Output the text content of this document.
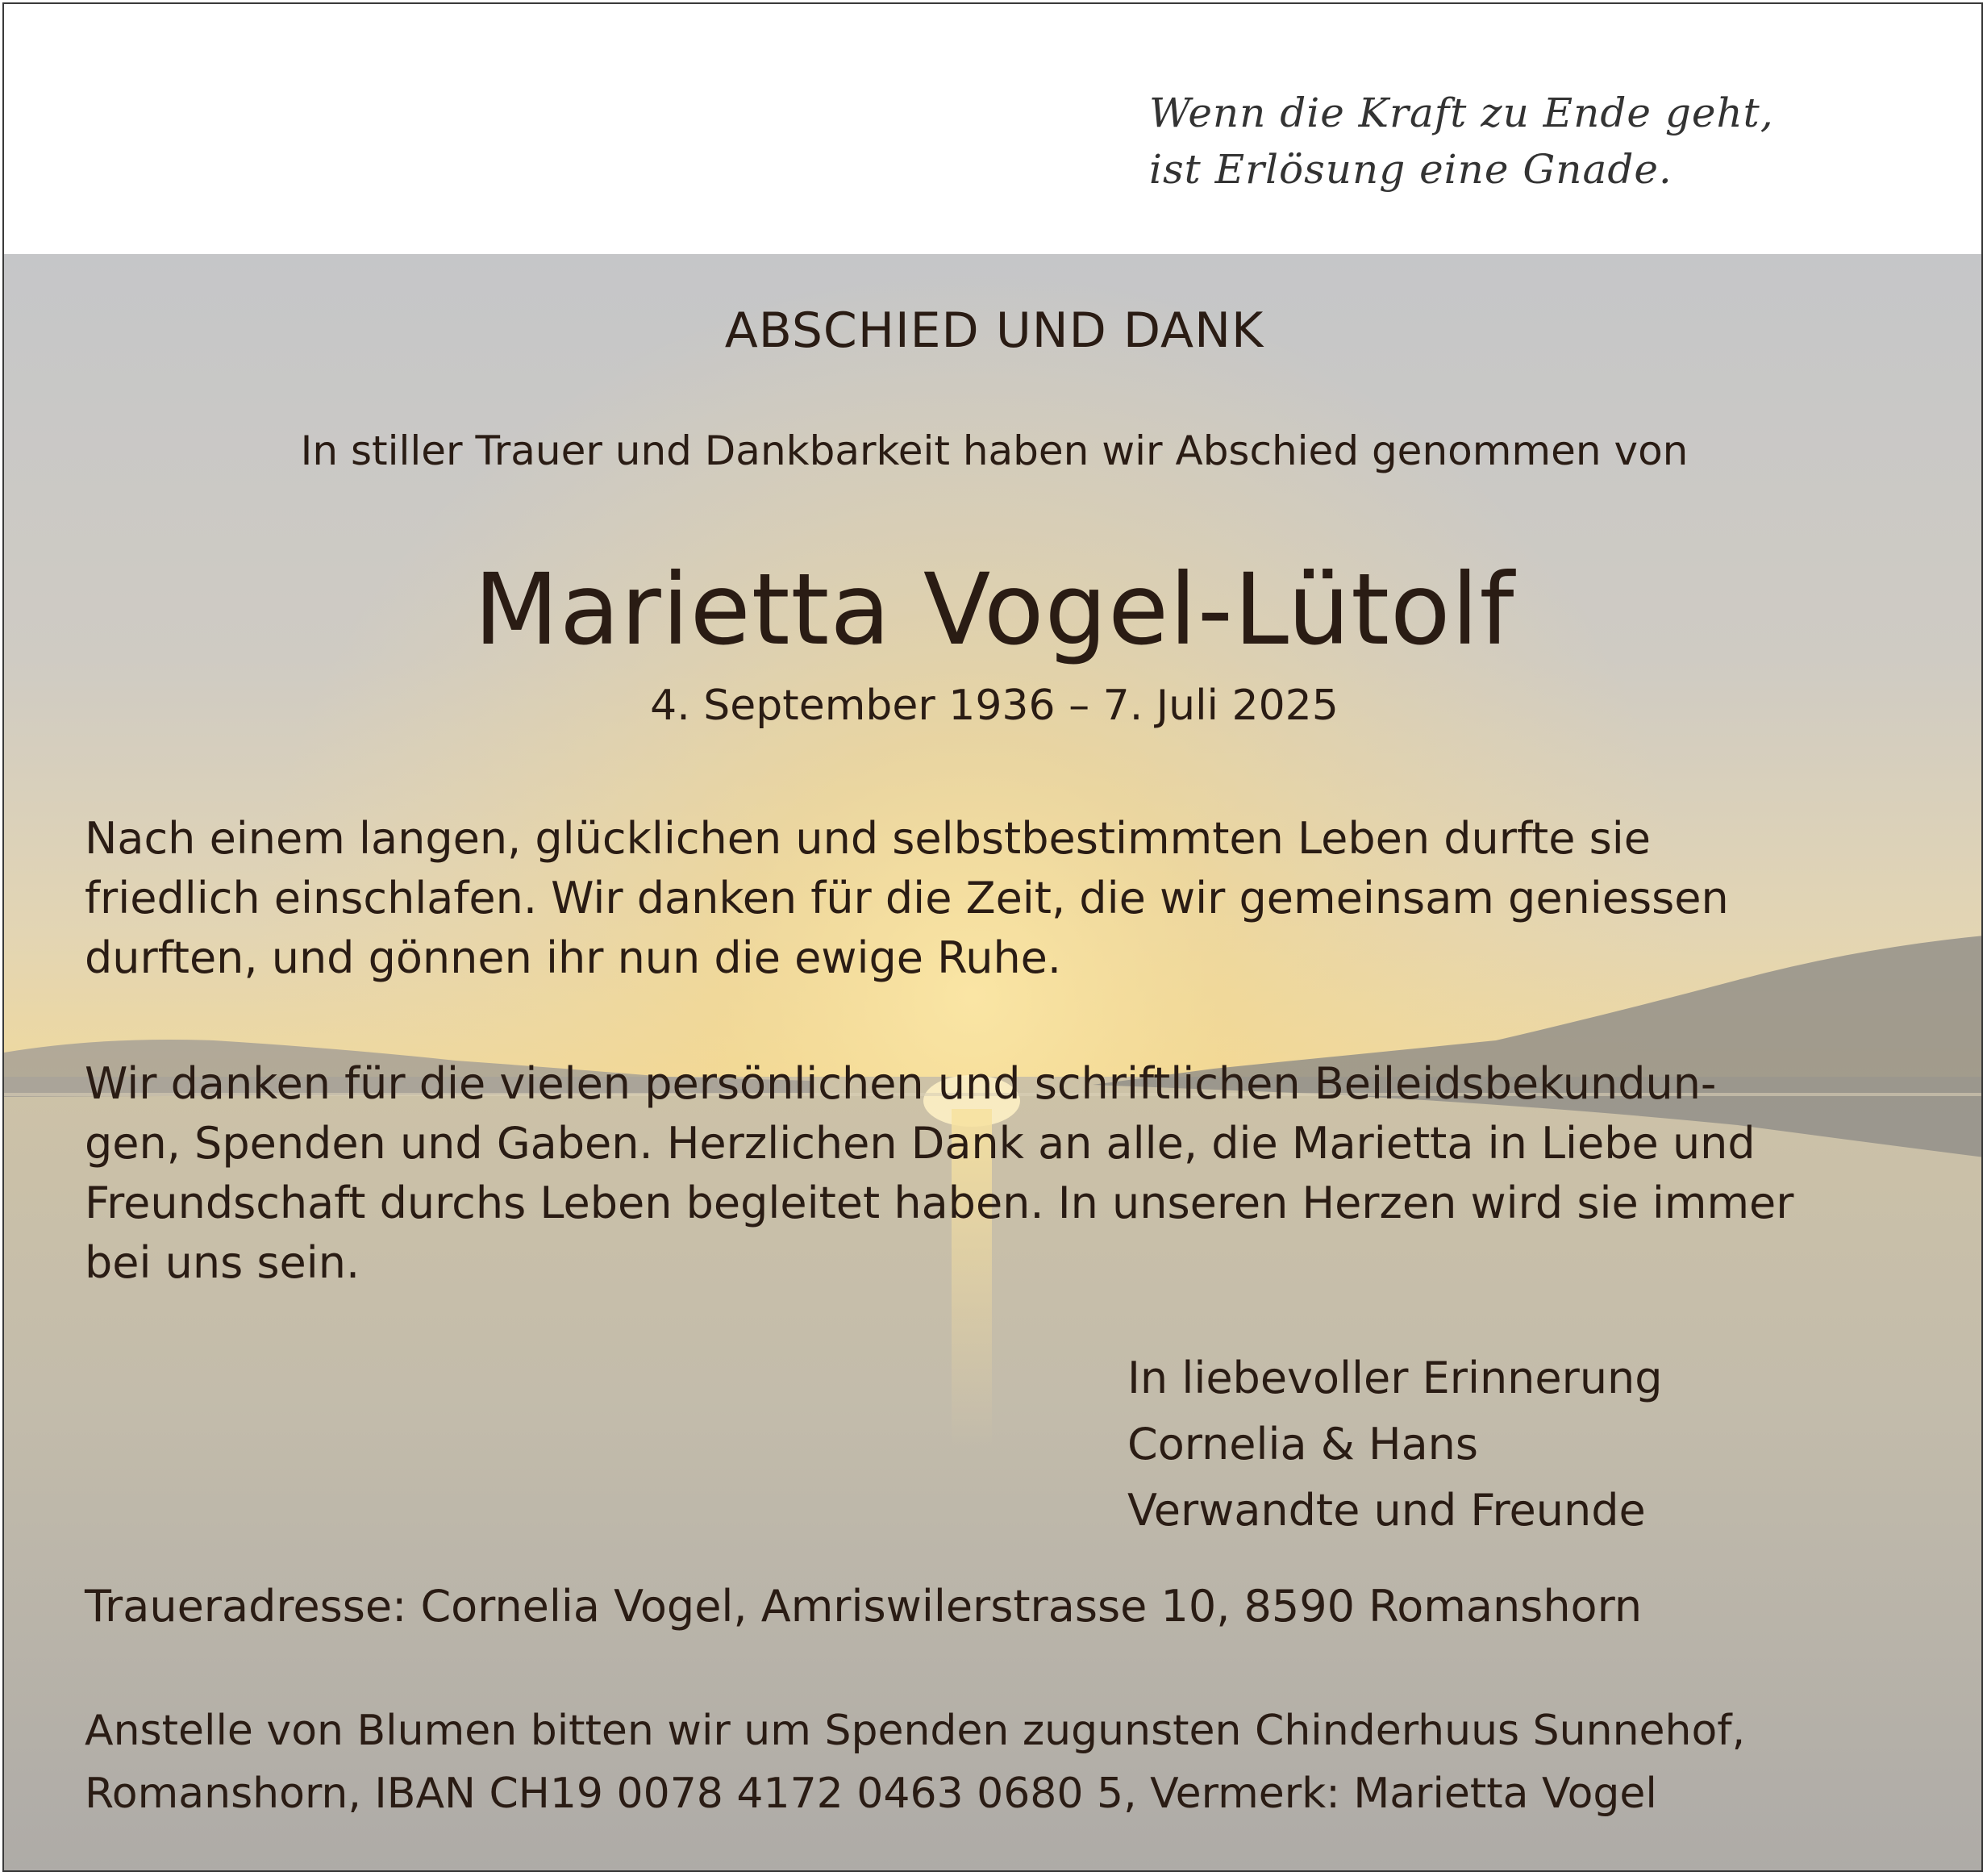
Wenn die Kraft zu Ende geht,
ist Erlösung eine Gnade.
ABSCHIED UND DANK
In stiller Trauer und Dankbarkeit haben wir Abschied genommen von
Marietta Vogel-Lütolf
4. September 1936 – 7. Juli 2025
Nach einem langen, glücklichen und selbstbestimmten Leben durfte sie
friedlich einschlafen. Wir danken für die Zeit, die wir gemeinsam geniessen
durften, und gönnen ihr nun die ewige Ruhe.
Wir danken für die vielen persönlichen und schriftlichen Beileidsbekundun-
gen, Spenden und Gaben. Herzlichen Dank an alle, die Marietta in Liebe und
Freundschaft durchs Leben begleitet haben. In unseren Herzen wird sie immer
bei uns sein.
In liebevoller Erinnerung
Cornelia & Hans
Verwandte und Freunde
Traueradresse: Cornelia Vogel, Amriswilerstrasse 10, 8590 Romanshorn
Anstelle von Blumen bitten wir um Spenden zugunsten Chinderhuus Sunnehof,
Romanshorn, IBAN CH19 0078 4172 0463 0680 5, Vermerk: Marietta Vogel
